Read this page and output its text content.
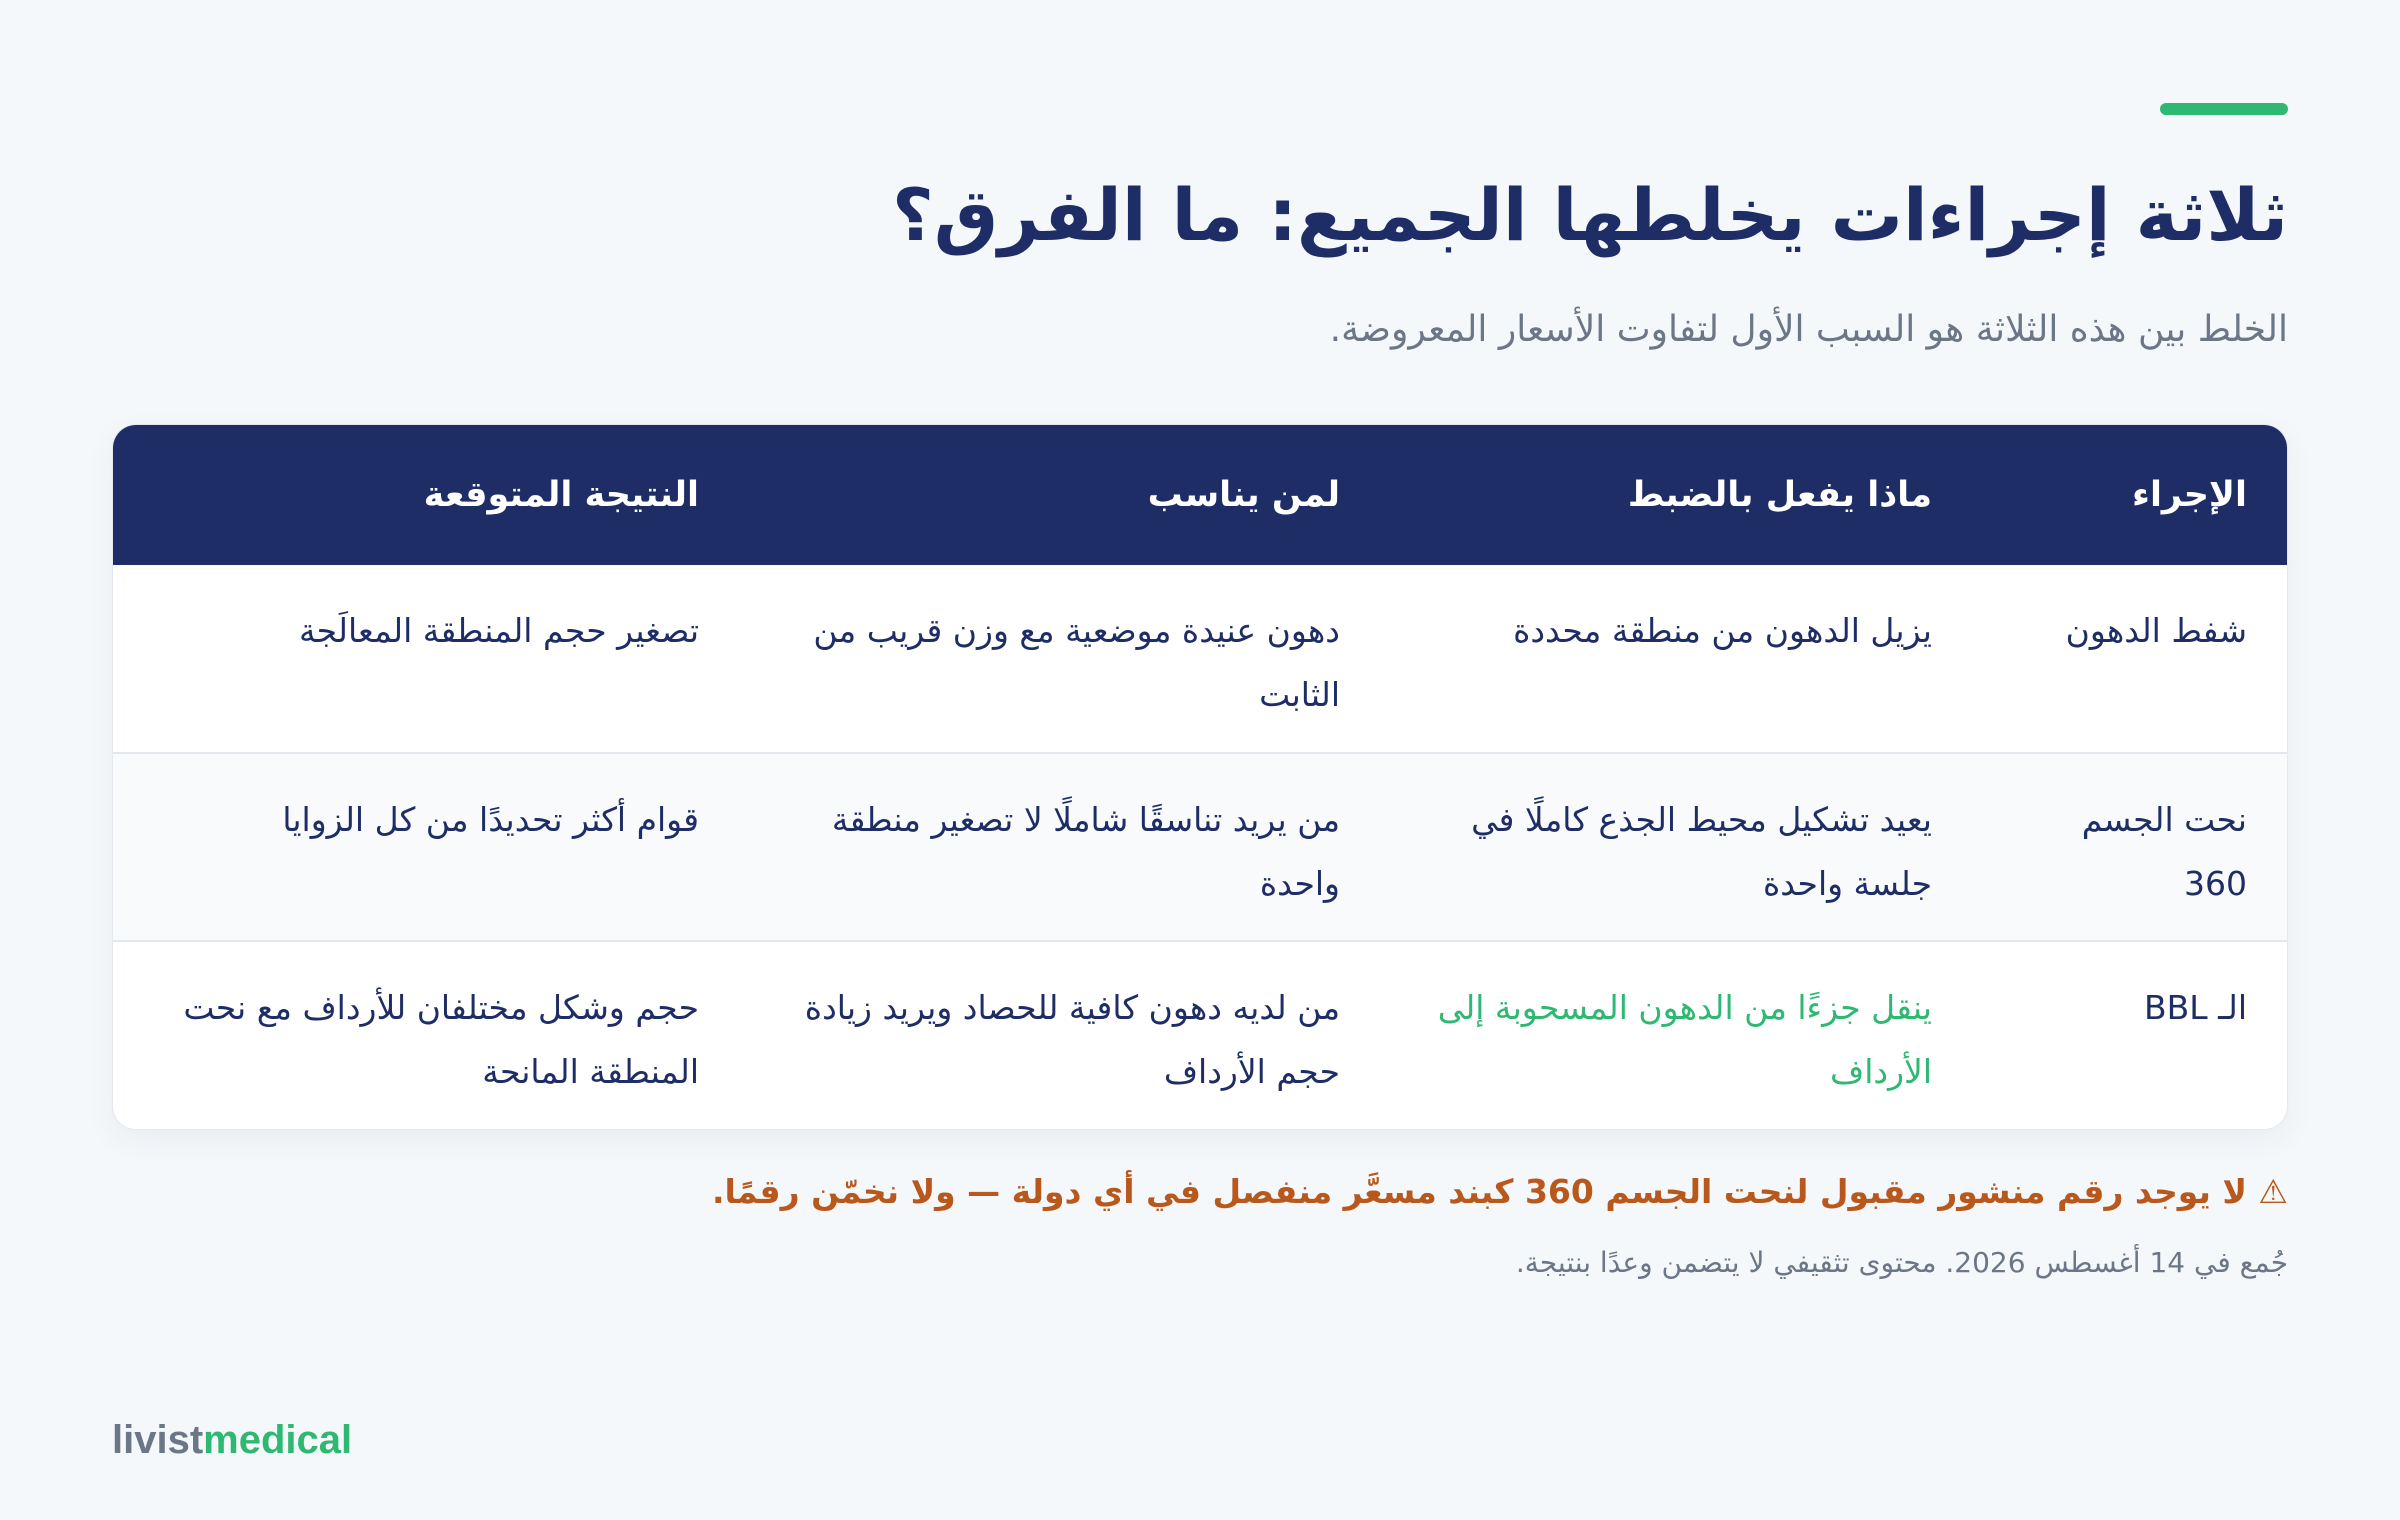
ثلاثة إجراءات يخلطها الجميع: ما الفرق؟

الخلط بين هذه الثلاثة هو السبب الأول لتفاوت الأسعار المعروضة.

الإجراء	ماذا يفعل بالضبط	لمن يناسب	النتيجة المتوقعة
شفط الدهون	يزيل الدهون من منطقة محددة	دهون عنيدة موضعية مع وزن قريب من الثابت	تصغير حجم المنطقة المعالَجة
نحت الجسم 360	يعيد تشكيل محيط الجذع كاملًا في جلسة واحدة	من يريد تناسقًا شاملًا لا تصغير منطقة واحدة	قوام أكثر تحديدًا من كل الزوايا
الـ BBL	ينقل جزءًا من الدهون المسحوبة إلى الأرداف	من لديه دهون كافية للحصاد ويريد زيادة حجم الأرداف	حجم وشكل مختلفان للأرداف مع نحت المنطقة المانحة

⚠ لا يوجد رقم منشور مقبول لنحت الجسم 360 كبند مسعَّر منفصل في أي دولة — ولا نخمّن رقمًا.

جُمع في 14 أغسطس 2026. محتوى تثقيفي لا يتضمن وعدًا بنتيجة.

livistmedical
